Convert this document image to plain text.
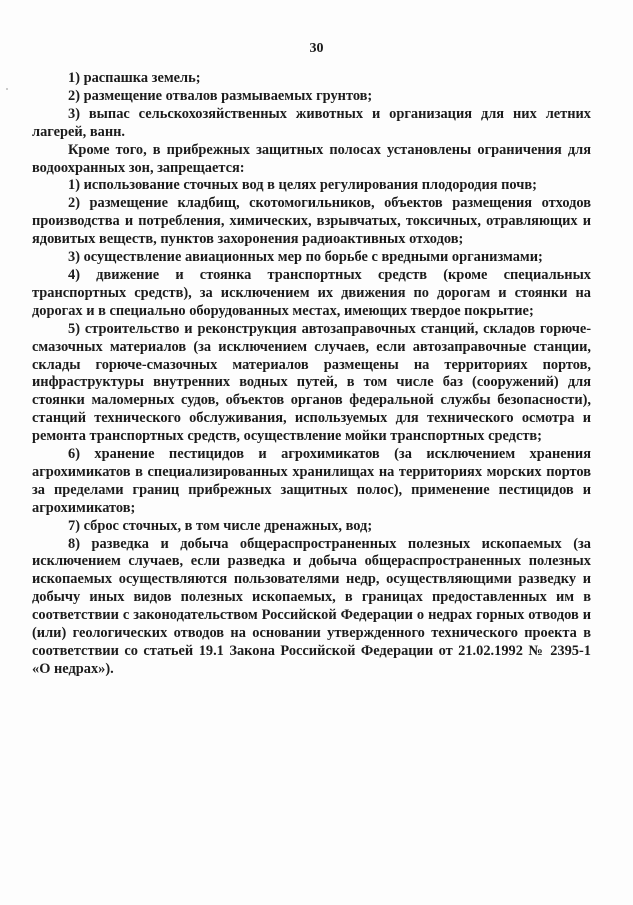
30

1) распашка земель;

2) размещение отвалов размываемых грунтов;

3) выпас сельскохозяйственных животных и организация для них летних лагерей, ванн.

Кроме того, в прибрежных защитных полосах установлены ограничения для водоохранных зон, запрещается:

1) использование сточных вод в целях регулирования плодородия почв;

2) размещение кладбищ, скотомогильников, объектов размещения отходов производства и потребления, химических, взрывчатых, токсичных, отравляющих и ядовитых веществ, пунктов захоронения радиоактивных отходов;

3) осуществление авиационных мер по борьбе с вредными организмами;

4) движение и стоянка транспортных средств (кроме специальных транспортных средств), за исключением их движения по дорогам и стоянки на дорогах и в специально оборудованных местах, имеющих твердое покрытие;

5) строительство и реконструкция автозаправочных станций, складов горюче-смазочных материалов (за исключением случаев, если автозаправочные станции, склады горюче-смазочных материалов размещены на территориях портов, инфраструктуры внутренних водных путей, в том числе баз (сооружений) для стоянки маломерных судов, объектов органов федеральной службы безопасности), станций технического обслуживания, используемых для технического осмотра и ремонта транспортных средств, осуществление мойки транспортных средств;

6) хранение пестицидов и агрохимикатов (за исключением хранения агрохимикатов в специализированных хранилищах на территориях морских портов за пределами границ прибрежных защитных полос), применение пестицидов и агрохимикатов;

7) сброс сточных, в том числе дренажных, вод;

8) разведка и добыча общераспространенных полезных ископаемых (за исключением случаев, если разведка и добыча общераспространенных полезных ископаемых осуществляются пользователями недр, осуществляющими разведку и добычу иных видов полезных ископаемых, в границах предоставленных им в соответствии с законодательством Российской Федерации о недрах горных отводов и (или) геологических отводов на основании утвержденного технического проекта в соответствии со статьей 19.1 Закона Российской Федерации от 21.02.1992 № 2395-1 «О недрах»).
